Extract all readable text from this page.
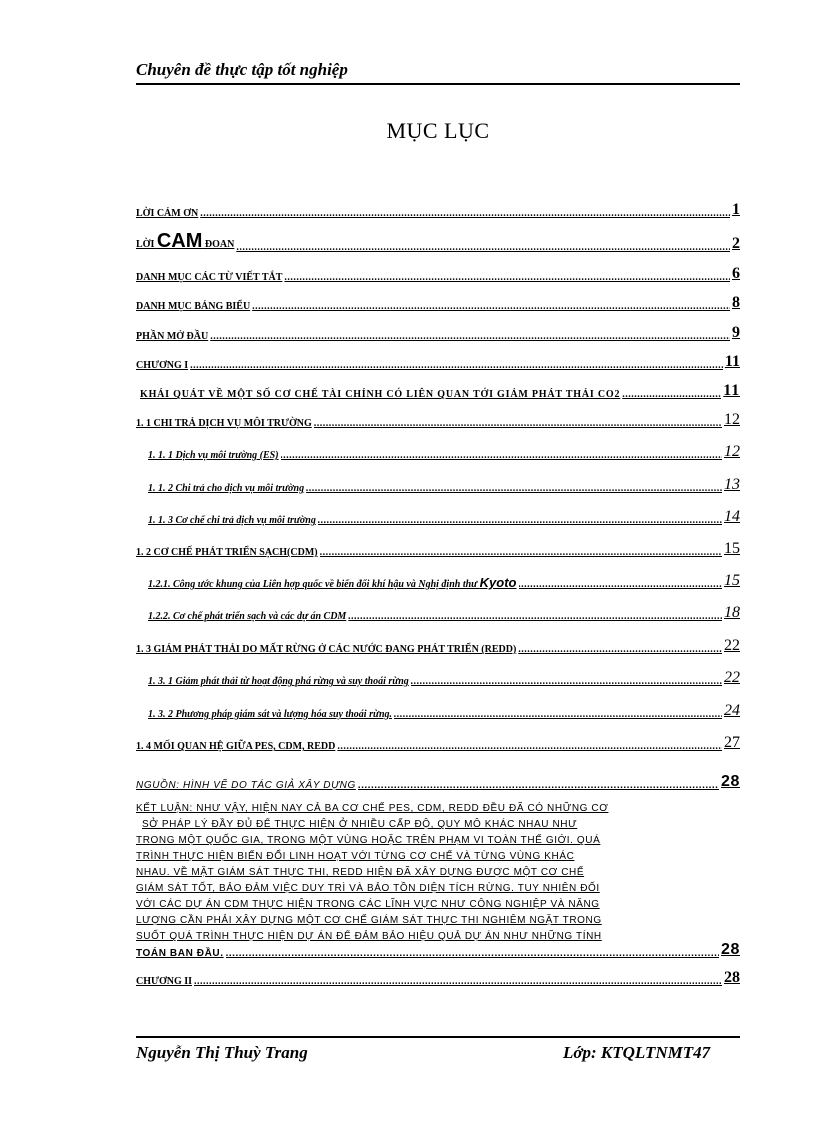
Chuyên đề thực tập tốt nghiệp
MỤC LỤC
LỜI CẢM ƠN .....	1
LỜI CAM ĐOAN .....	2
DANH MỤC CÁC TỪ VIẾT TẮT .....	6
DANH MỤC BẢNG BIỂU .....	8
PHẦN MỞ ĐẦU .....	9
CHƯƠNG I .....	11
KHÁI QUÁT VỀ MỘT SỐ CƠ CHẾ TÀI CHÍNH CÓ LIÊN QUAN TỚI GIẢM PHÁT THẢI CO2 .....	11
1. 1 CHI TRẢ DỊCH VỤ MÔI TRƯỜNG .....	12
1. 1. 1 Dịch vụ môi trường (ES) .....	12
1. 1. 2 Chi trả cho dịch vụ môi trường .....	13
1. 1. 3 Cơ chế chi trả dịch vụ môi trường .....	14
1. 2 CƠ CHẾ PHÁT TRIỂN SẠCH(CDM) .....	15
1.2.1. Công ước khung của Liên hợp quốc về biến đổi khí hậu và Nghị định thư Kyoto .....	15
1.2.2. Cơ chế phát triển sạch và các dự án CDM .....	18
1. 3 GIẢM PHÁT THẢI DO MẤT RỪNG Ở CÁC NƯỚC ĐANG PHÁT TRIỂN (REDD) .....	22
1. 3. 1 Giảm phát thải từ hoạt động phá rừng và suy thoái rừng .....	22
1. 3. 2 Phương pháp giám sát và lượng hóa suy thoái rừng. .....	24
1. 4 MỐI QUAN HỆ GIỮA PES, CDM, REDD .....	27
NGUỒN: HÌNH VẼ DO TÁC GIẢ XÂY DỰNG .....	28
KẾT LUẬN: NHƯ VẬY, HIỆN NAY CẢ BA CƠ CHẾ PES, CDM, REDD ĐỀU ĐÃ CÓ NHỮNG CƠ
SỞ PHÁP LÝ ĐẦY ĐỦ ĐỂ THỰC HIỆN Ở NHIỀU CẤP ĐỘ, QUY MÔ KHÁC NHAU NHƯ
TRONG MỘT QUỐC GIA, TRONG MỘT VÙNG HOẶC TRÊN PHẠM VI TOÀN THẾ GIỚI. QUÁ
TRÌNH THỰC HIỆN BIẾN ĐỔI LINH HOẠT VỚI TỪNG CƠ CHẾ VÀ TỪNG VÙNG KHÁC
NHAU. VỀ MẶT GIÁM SÁT THỰC THI, REDD HIỆN ĐÃ XÂY DỰNG ĐƯỢC MỘT CƠ CHẾ
GIÁM SÁT TỐT, BẢO ĐẢM VIỆC DUY TRÌ VÀ BẢO TỒN DIỆN TÍCH RỪNG. TUY NHIÊN ĐỐI
VỚI CÁC DỰ ÁN CDM THỰC HIỆN TRONG CÁC LĨNH VỰC NHƯ CÔNG NGHIỆP VÀ NĂNG
LƯỢNG CẦN PHẢI XÂY DỰNG MỘT CƠ CHẾ GIÁM SÁT THỰC THI NGHIÊM NGẶT TRONG
SUỐT QUÁ TRÌNH THỰC HIỆN DỰ ÁN ĐỂ ĐẢM BẢO HIỆU QUẢ DỰ ÁN NHƯ NHỮNG TÍNH
TOÁN BAN ĐẦU. .....	28
CHƯƠNG II .....	28
Nguyễn Thị Thuỳ Trang	Lớp: KTQLTNMT47
